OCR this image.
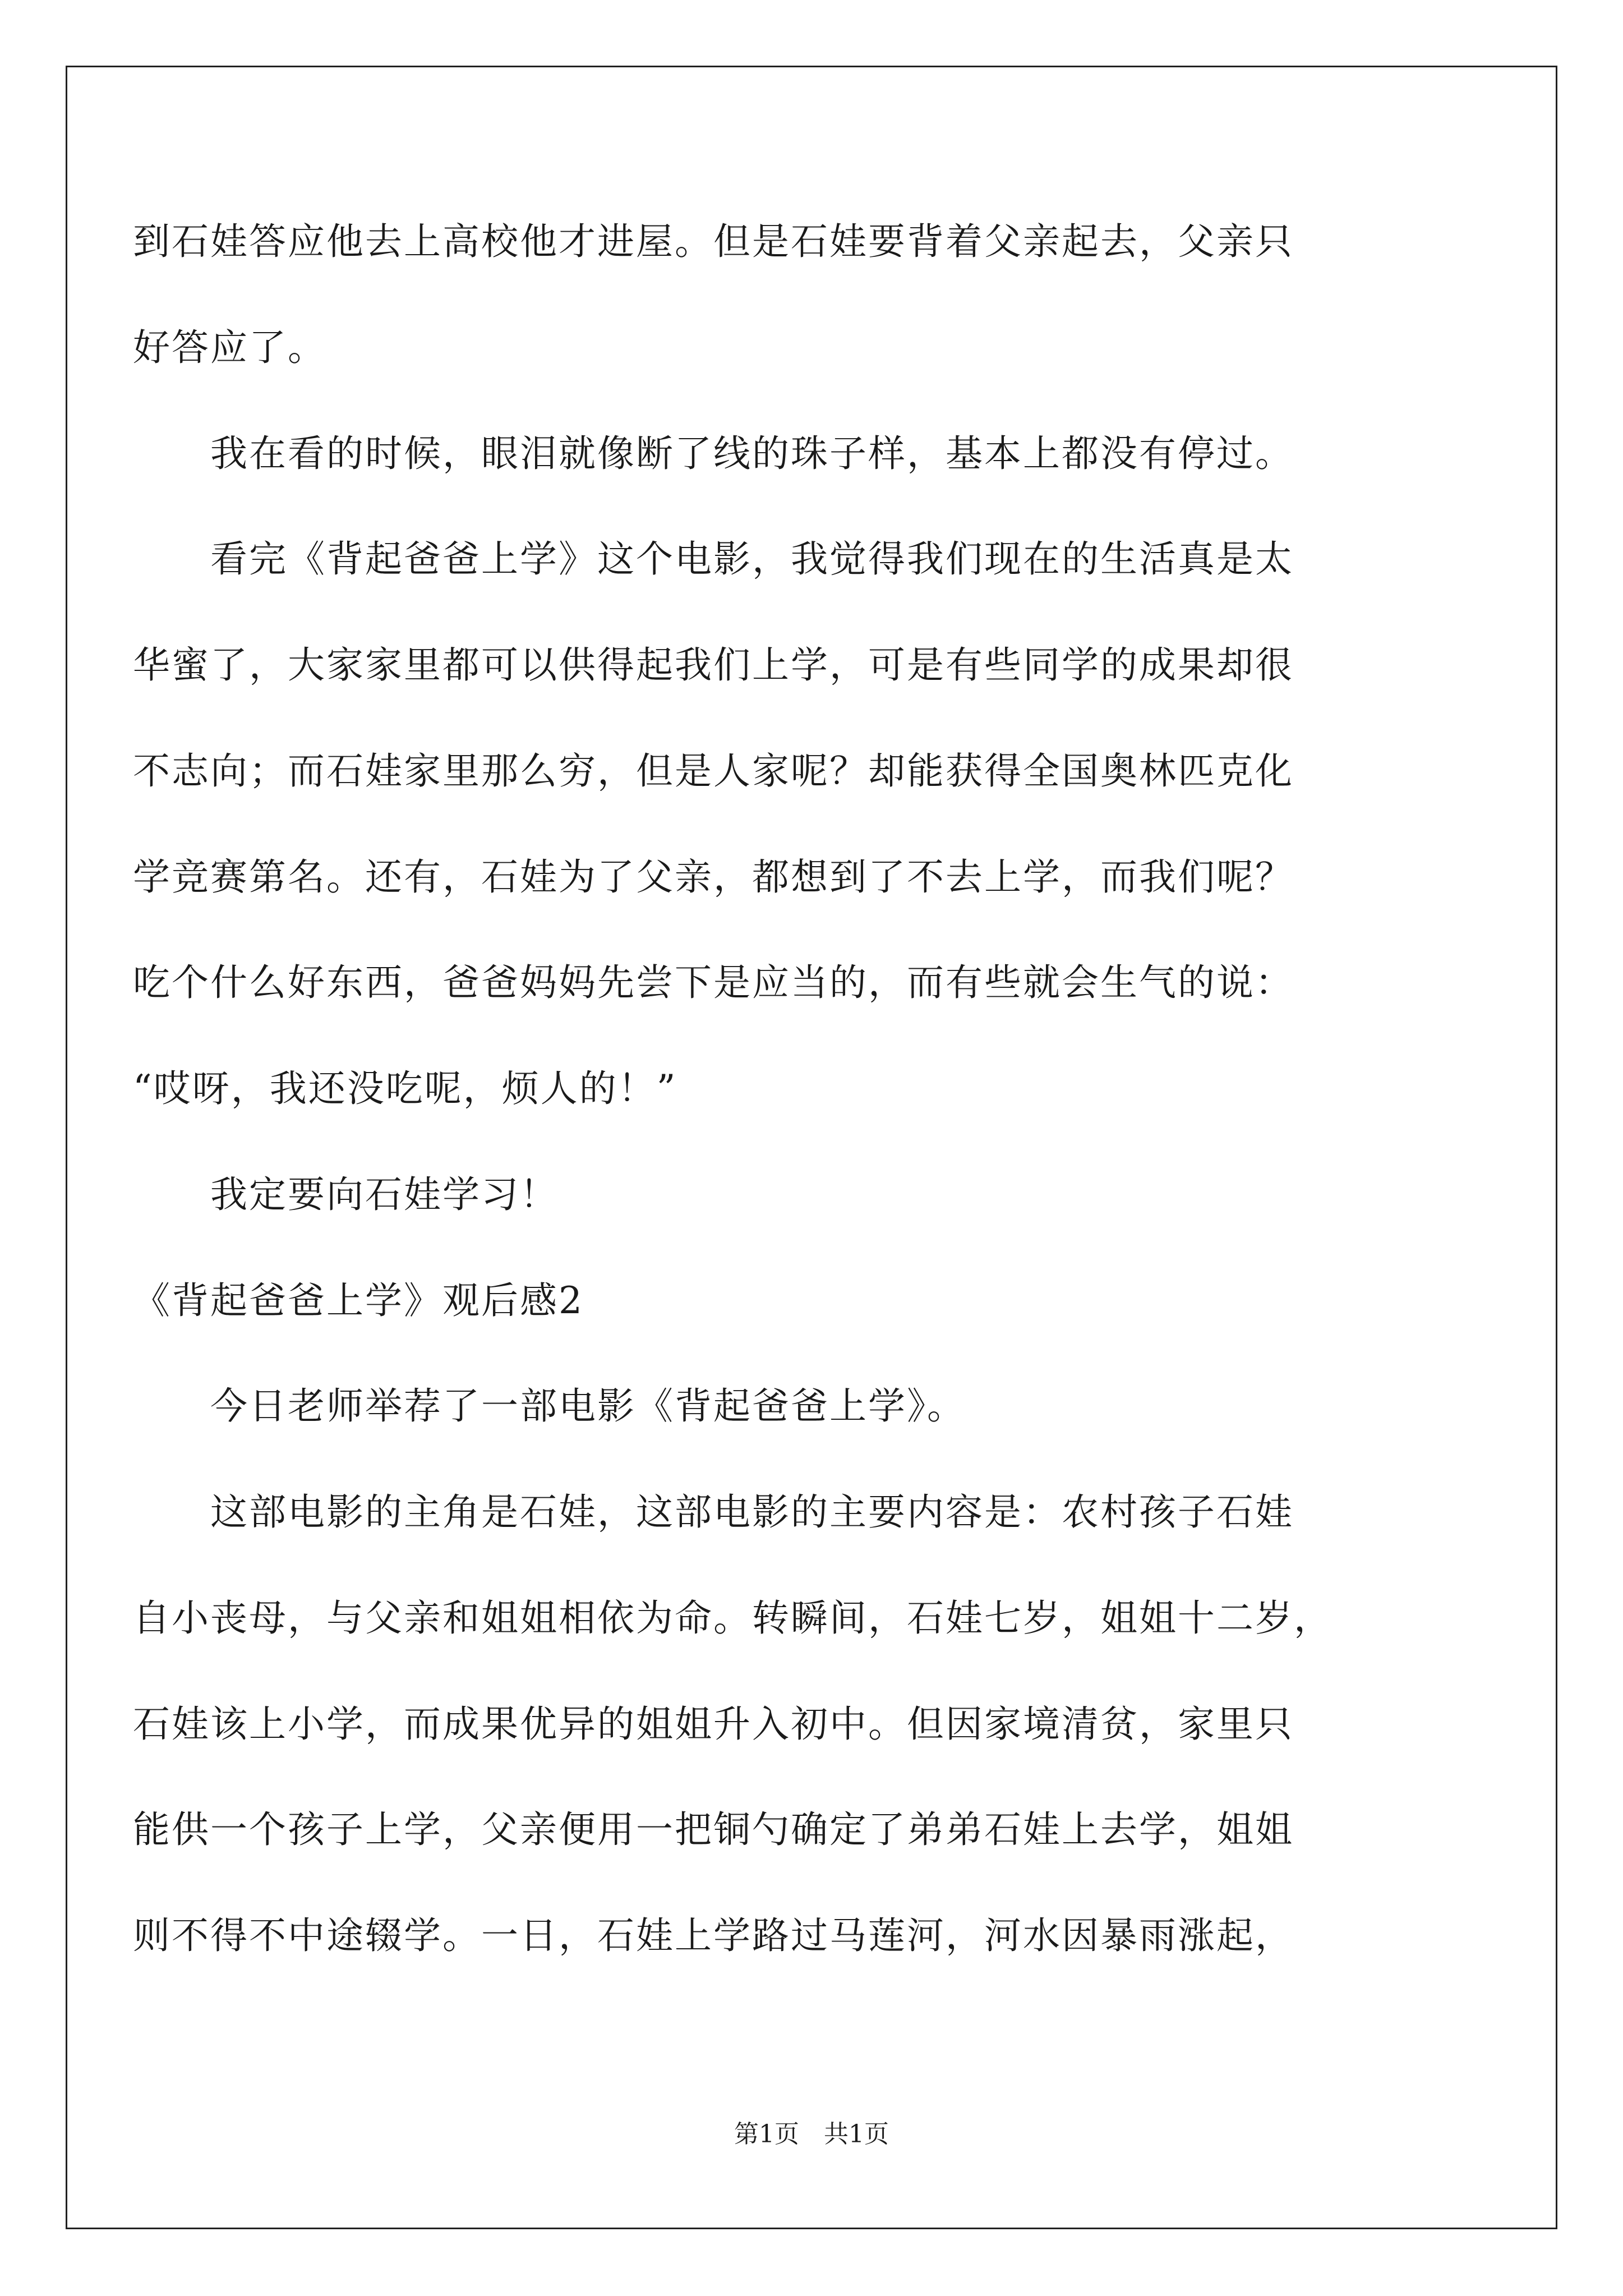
到石娃答应他去上高校他才进屋。但是石娃要背着父亲起去，父亲只
好答应了。
　　我在看的时候，眼泪就像断了线的珠子样，基本上都没有停过。
　　看完《背起爸爸上学》这个电影，我觉得我们现在的生活真是太
华蜜了，大家家里都可以供得起我们上学，可是有些同学的成果却很
不志向；而石娃家里那么穷，但是人家呢？却能获得全国奥林匹克化
学竞赛第名。还有，石娃为了父亲，都想到了不去上学，而我们呢？
吃个什么好东西，爸爸妈妈先尝下是应当的，而有些就会生气的说：
“哎呀，我还没吃呢，烦人的！”
　　我定要向石娃学习！
《背起爸爸上学》观后感2
　　今日老师举荐了一部电影《背起爸爸上学》。
　　这部电影的主角是石娃，这部电影的主要内容是：农村孩子石娃
自小丧母，与父亲和姐姐相依为命。转瞬间，石娃七岁，姐姐十二岁，
石娃该上小学，而成果优异的姐姐升入初中。但因家境清贫，家里只
能供一个孩子上学，父亲便用一把铜勺确定了弟弟石娃上去学，姐姐
则不得不中途辍学。一日，石娃上学路过马莲河，河水因暴雨涨起，
第1页　共1页
